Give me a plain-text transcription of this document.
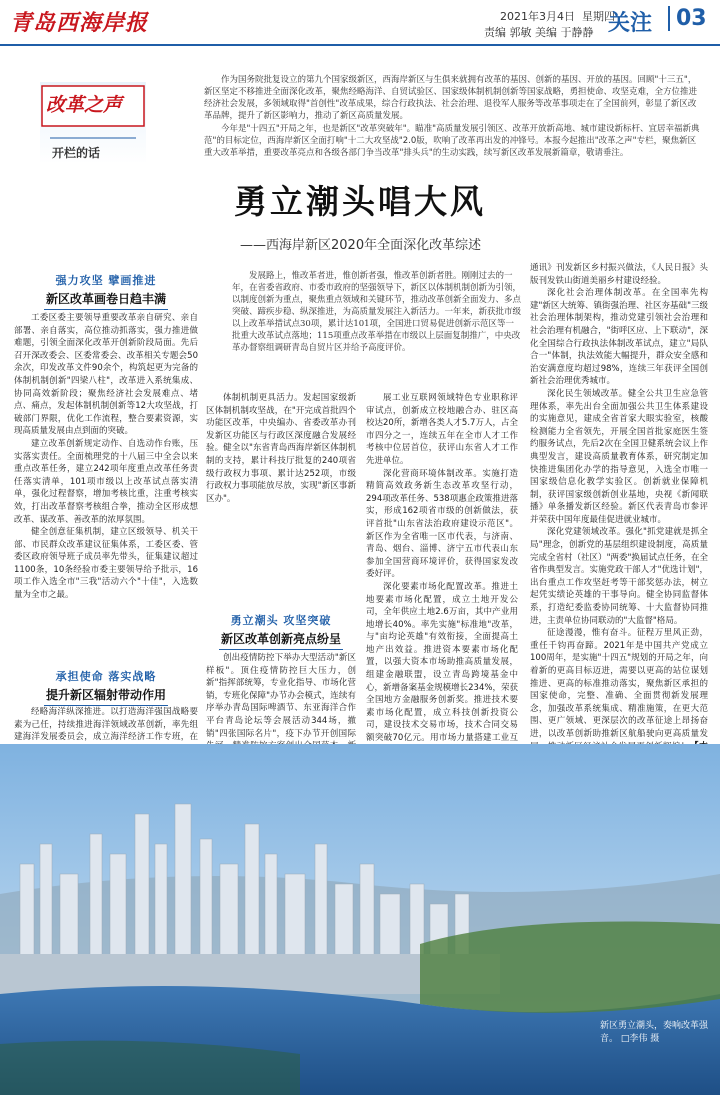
青岛西海岸报	2021年3月4日 星期四
责编 郭敏 美编 于静静 关注	03
改革之声
开栏的话

作为国务院批复设立的第九个国家级新区，西海岸新区与生俱来就拥有改革的基因、创新的基因、开放的基因。回顾"十三五"，新区坚定不移推进全面深化改革，聚焦经略海洋、自贸试验区、国家级体制机制创新等国家战略，勇担使命、攻坚克难，全方位推进经济社会发展，多领域取得"首创性"改革成果，综合行政执法、社会治理、退役军人服务等改革事项走在了全国前列，彰显了新区改革品牌，提升了新区影响力，推动了新区高质量发展。

今年是"十四五"开局之年，也是新区"改革突破年"。瞄准"高质量发展引领区、改革开放新高地、城市建设新标杆、宜居幸福新典范"的目标定位，西海岸新区全面打响"十二大攻坚战"2.0版，吹响了改革再出发的冲锋号。本报今起推出"改革之声"专栏，聚焦新区重大改革举措，重要改革亮点和各级各部门争当改革"排头兵"的生动实践，续写新区改革发展新篇章，敬请垂注。

勇立潮头唱大风
——西海岸新区2020年全面深化改革综述
发展路上，惟改革者进，惟创新者强，惟改革创新者胜。刚刚过去的一年，在省委省政府、市委市政府的坚强领导下，新区以体制机制创新为引领，以制度创新为重点，聚焦重点领域和关键环节，推动改革创新全面发力、多点突破、蹄疾步稳、纵深推进，为高质量发展注入新活力。一年来，新获批市级以上改革举措试点30项，累计达101项，全国进口贸易促进创新示范区等一批重大改革试点落地；115项重点改革举措在市级以上层面复制推广，中央改革办督察组调研青岛自贸片区并给予高度评价。
强力攻坚 擘画推进
新区改革画卷日趋丰满

工委区委主要领导重要改革亲自研究、亲自部署、亲自落实，高位推动抓落实，强力推进做难题，引领全面深化改革开创新阶段局面。先后召开深改委会、区委常委会、改革相关专题会50余次，印发改革文件90余个，构筑起更为完备的体制机制创新"四梁八柱"，改革进入系统集成、协同高效新阶段；聚焦经济社会发展难点、堵点、痛点，发起体制机制创新等12大攻坚战，打破部门界限，优化工作流程，整合要素资源，实现高质量发展由点到面的突破。

建立改革创新规定动作、自选动作台账，压实落实责任。全面梳理党的十八届三中全会以来重点改革任务，建立242项年度重点改革任务责任落实清单，101项市级以上改革试点落实清单，强化过程督察，增加考核比重，注重考核实效，打出改革督察考核组合拳，推动全区形成想改革、谋改革、善改革的浓厚氛围。

健全创意征集机制，建立区级领导、机关干部、市民群众改革建议征集体系，工委区委、管委区政府领导班子成员率先带头，征集建议超过1100条，10条经验市委主要领导给予批示，16项工作入选全市"三我"活动六个"十佳"，入选数量为全市之最。

承担使命 落实战略
提升新区辐射带动作用

经略海洋纵深推进。以打造海洋强国战略要素为己任，持续推进海洋领域改革创新，率先组建海洋发展委员会，成立海洋经济工作专班，在

体制机制更具活力。发起国家级新区体制机制攻坚战，在"开完成首批四个功能区改革，中央编办、省委改革办刊发新区功能区与行政区深度融合发展经验。健全以"东省青岛西海岸新区体制机制的支持，累计科技厅批复的240项省级行政权力事项、累计达252项，市级行政权力事项能放尽放，实现"新区事新区办"。

勇立潮头 攻坚突破
新区改革创新亮点纷呈

创出疫情防控下举办大型活动"新区样板"。顶住疫情防控巨大压力，创新"指挥部统筹，专业化指导、市场化营销，专班化保障"办节办会模式，连续有序举办青岛国际啤酒节、东亚海洋合作平台青岛论坛等会展活动344场，撤销"四张国际名片"，疫下办节开创国际

展工业互联网领域特色专业职称评审试点，创新成立校地融合办、驻区高校达20所，新增各类人才5.7万人，占全市四分之一，连续五年在全市人才工作考核中位居首位，获评山东省人才工作先进单位。

深化营商环境体制改革。实施打造精简高效政务新生态改革攻坚行动，294项改革任务、538项惠企政策推进落实，形成162项省市级的创新做法，获评首批"山东省法治政府建设示范区"。新区作为全省唯一区市代表，与济南、青岛、烟台、淄博、济宁五市代表山东参加全国营商环境评价，获得国家发改委好评。

深化要素市场化配置改革。推进土地要素市场化配置，成立土地开发公司，全年供应土地2.6万亩，其中产业用地增长40%。率先实施"标准地"改革，与"亩均论英雄"有效衔接，全面提高土地产出效益。推进资本要素市场化配置，以强大资本市场助推高质量发展，组建金融联盟，设立青岛跨境基金中心，新增备案基金规模增长234%，荣获全国地方金融服务创新奖。推进技术要素市场化配置，成立科技创新投资公司，建设技术交易市场，技术合同交易额突破70亿元。用市场力量搭建工业互

通讯》刊发新区乡村振兴做法，《人民日报》头版刊发铁山街道美丽乡村建设经验。

深化社会治理体制改革。在全国率先构建"新区大统筹、镇街强治理、社区夯基础"三级社会治理体制架构，推动党建引领社会治理和社会治理有机融合，"街呼区应、上下联动"，深化全国综合行政执法体制改革试点，建立"局队合一"体制，执法效能大幅提升，群众安全感和治安满意度均超过98%，连续三年获评全国创新社会治理优秀城市。

深化民生领域改革。健全公共卫生应急管理体系，率先出台全面加强公共卫生体系建设的实施意见，建成全省首家大眼实验室，核酸检测能力全省领先，开展全国首批家庭医生签约服务试点，先后2次在全国卫健系统会议上作典型发言，建设高质量教育体系，研究制定加快推进集团化办学的指导意见，入选全市唯一国家级信息化教学实验区。创新就业保障机制，获评国家级创新创业基地，央视《新闻联播》单条播发新区经验。新区代表青岛市参评并荣获中国年度最佳促进就业城市。

深化党建领域改革。强化"抓党建就是抓全局"理念，创新党的基层组织建设制度，高质量完成全省村（社区）"两委"换届试点任务，在全省作典型发言。实施党政干部人才"优选计划"，出台重点工作攻坚赶考等干部奖惩办法，树立起凭实绩论英雄的干事导向。健全协同监督体系，打造纪委监委协同统筹、十大监督协同推进，主责单位协同联动的"大监督"格局。

征途漫漫，惟有奋斗。征程万里风正劲，重任千钧再奋蹄。2021年是中国共产党成立100周年，是实施"十四五"规划的开局之年，向着新的更高目标迈进，需要以更高的站位谋划推进、更高的标准推动落实，聚焦新区承担的国家使命，完整、准确、全面贯彻新发展理念，加强改革系统集成、精准施策，在更大范围、更广领域、更深层次的改革征途上昂扬奋进，以改革创新助推新区航船驶向更高质量发

新区勇立潮头，奏响改革强音。 □李伟 摄
